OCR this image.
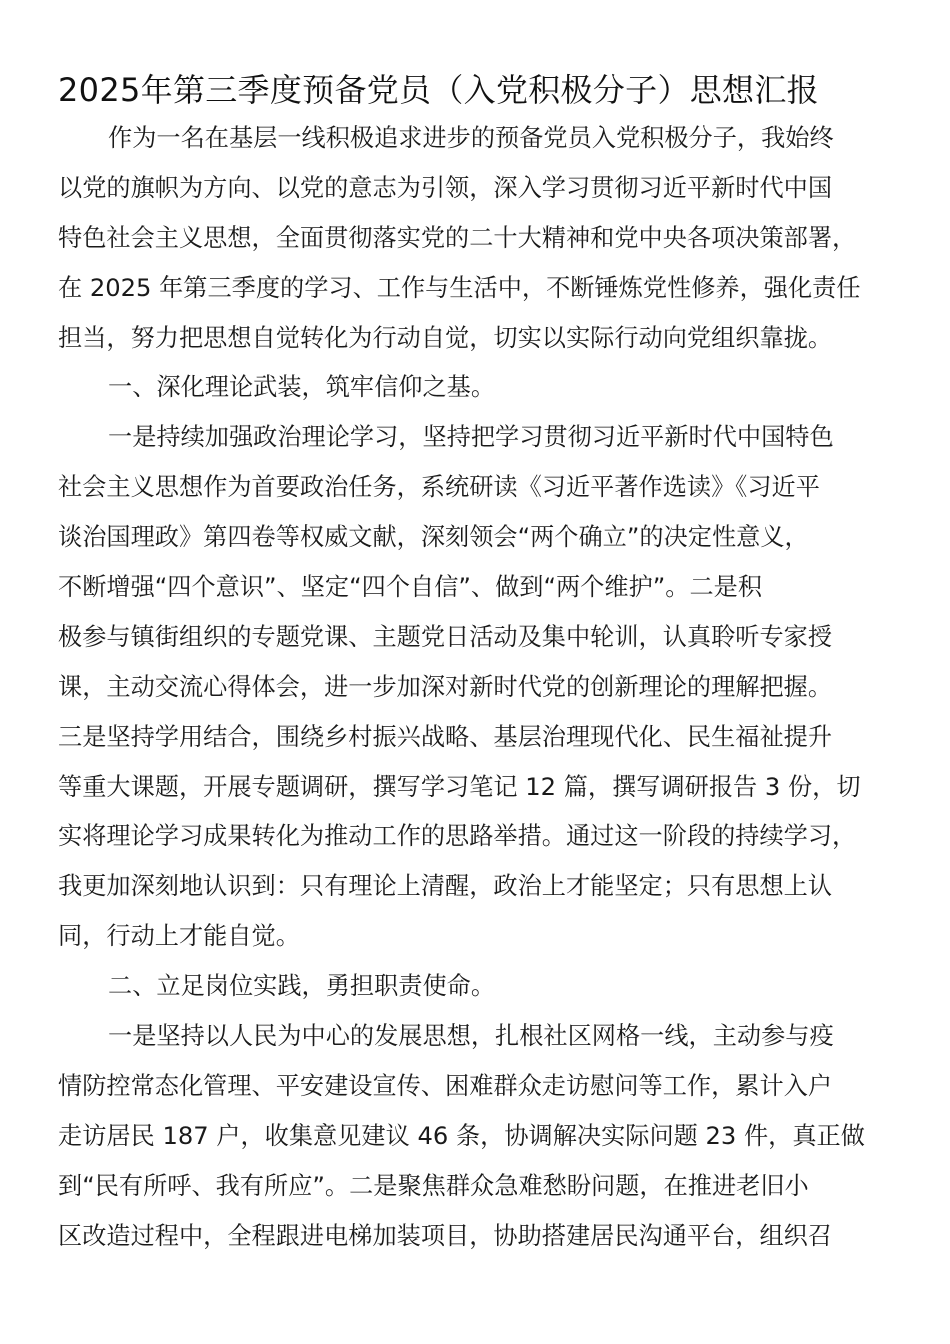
2025年第三季度预备党员（入党积极分子）思想汇报
作为一名在基层一线积极追求进步的预备党员入党积极分子，我始终
以党的旗帜为方向、以党的意志为引领，深入学习贯彻习近平新时代中国
特色社会主义思想，全面贯彻落实党的二十大精神和党中央各项决策部署，
在 2025 年第三季度的学习、工作与生活中，不断锤炼党性修养，强化责任
担当，努力把思想自觉转化为行动自觉，切实以实际行动向党组织靠拢。
一、深化理论武装，筑牢信仰之基。
一是持续加强政治理论学习，坚持把学习贯彻习近平新时代中国特色
社会主义思想作为首要政治任务，系统研读《习近平著作选读》《习近平
谈治国理政》第四卷等权威文献，深刻领会“两个确立”的决定性意义，
不断增强“四个意识”、坚定“四个自信”、做到“两个维护”。二是积
极参与镇街组织的专题党课、主题党日活动及集中轮训，认真聆听专家授
课，主动交流心得体会，进一步加深对新时代党的创新理论的理解把握。
三是坚持学用结合，围绕乡村振兴战略、基层治理现代化、民生福祉提升
等重大课题，开展专题调研，撰写学习笔记 12 篇，撰写调研报告 3 份，切
实将理论学习成果转化为推动工作的思路举措。通过这一阶段的持续学习，
我更加深刻地认识到：只有理论上清醒，政治上才能坚定；只有思想上认
同，行动上才能自觉。
二、立足岗位实践，勇担职责使命。
一是坚持以人民为中心的发展思想，扎根社区网格一线，主动参与疫
情防控常态化管理、平安建设宣传、困难群众走访慰问等工作，累计入户
走访居民 187 户，收集意见建议 46 条，协调解决实际问题 23 件，真正做
到“民有所呼、我有所应”。二是聚焦群众急难愁盼问题，在推进老旧小
区改造过程中，全程跟进电梯加装项目，协助搭建居民沟通平台，组织召
